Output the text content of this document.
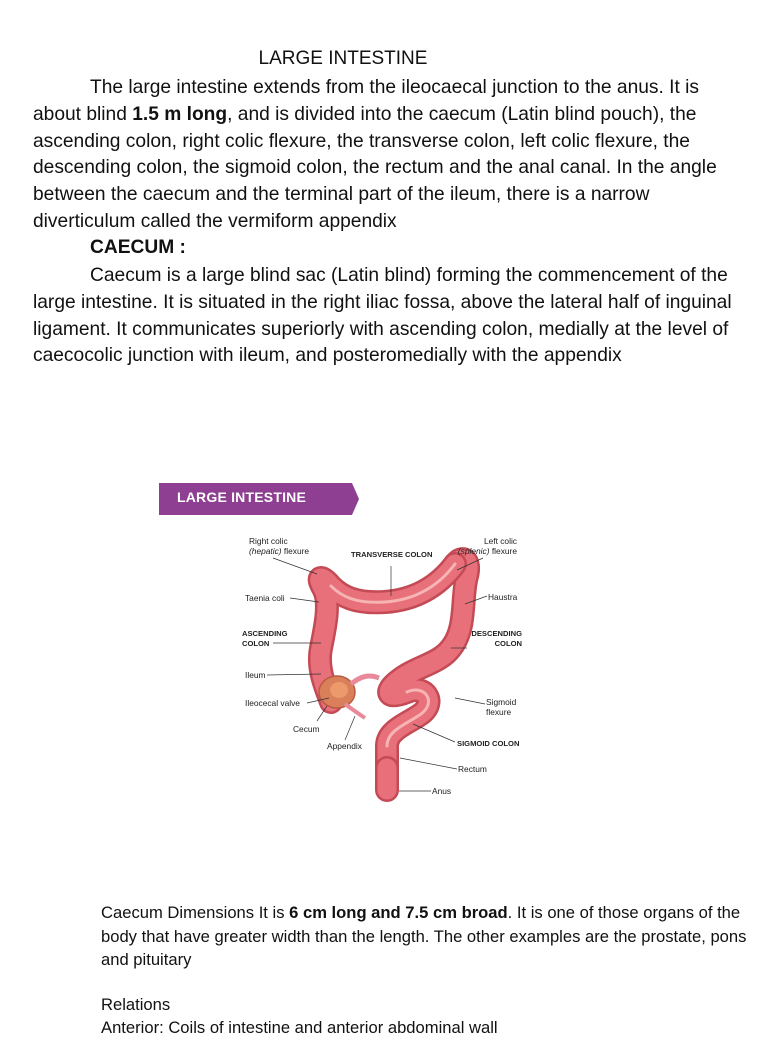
LARGE INTESTINE
The large intestine extends from the ileocaecal junction to the anus. It is about blind 1.5 m long, and is divided into the caecum (Latin blind pouch), the ascending colon, right colic flexure, the transverse colon, left colic flexure, the descending colon, the sigmoid colon, the rectum and the anal canal. In the angle between the caecum and the terminal part of the ileum, there is a narrow diverticulum called the vermiform appendix
CAECUM :
Caecum is a large blind sac (Latin blind) forming the commencement of the large intestine. It is situated in the right iliac fossa, above the lateral half of inguinal ligament. It communicates superiorly with ascending colon, medially at the level of caecocolic junction with ileum, and posteromedially with the appendix
LARGE INTESTINE
Right colic
(hepatic) flexure	TRANSVERSE COLON
Left colic
(splenic) flexure
Taenia coli	Haustra
ASCENDING
COLON
DESCENDING
COLON
Ileum
Ileocecal valve	Sigmoid
flexure
Cecum
Appendix	SIGMOID COLON
Rectum
Anus
Caecum Dimensions It is 6 cm long and 7.5 cm broad. It is one of those organs of the body that have greater width than the length. The other examples are the prostate, pons and pituitary
Relations
Anterior: Coils of intestine and anterior abdominal wall
